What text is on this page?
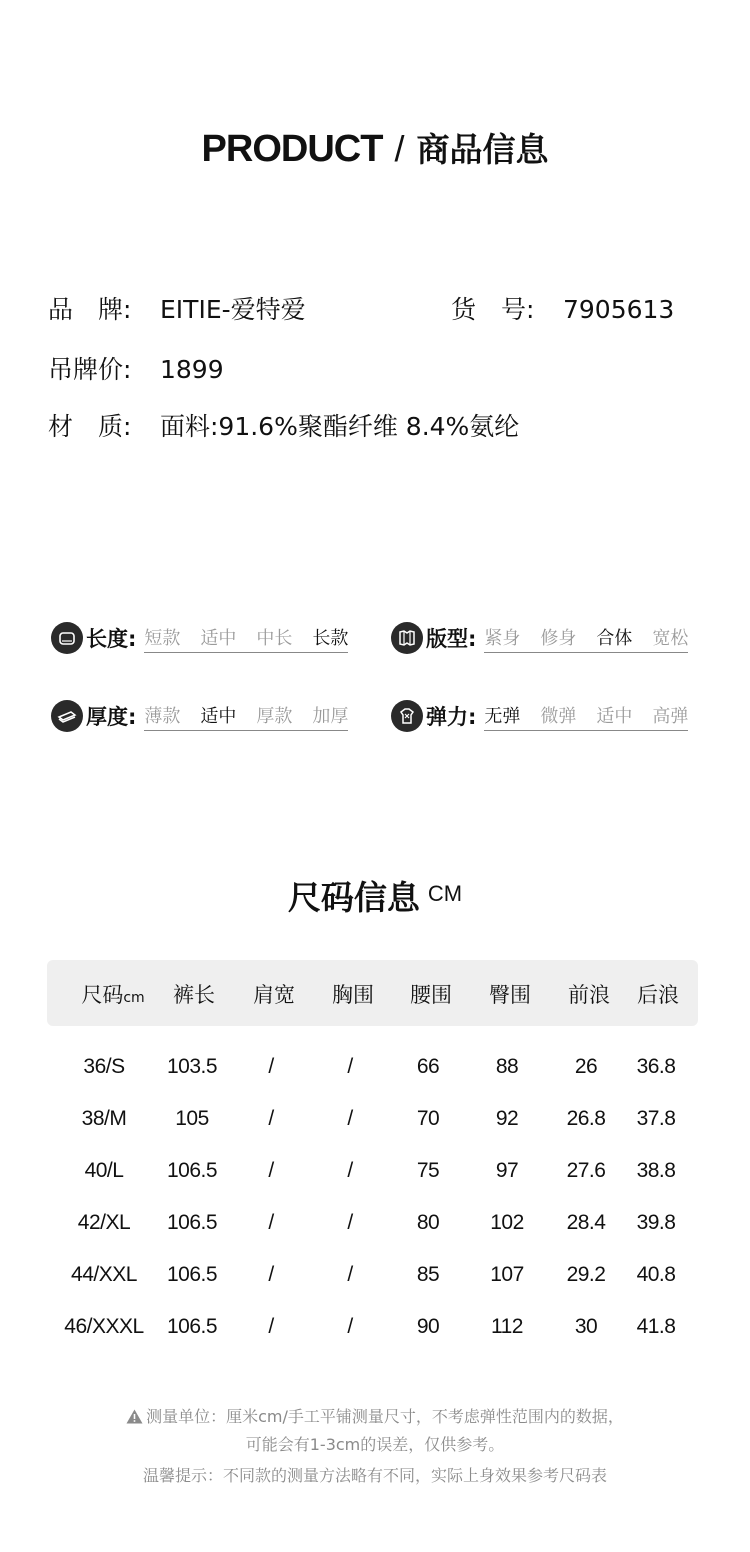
PRODUCT / 商品信息
品　牌: EITIE-爱特爱	货　号: 7905613
吊牌价: 1899
材　质: 面料:91.6%聚酯纤维 8.4%氨纶
长度: 短款 适中 中长 长款	版型: 紧身 修身 合体 宽松
厚度: 薄款 适中 厚款 加厚	弹力: 无弹 微弹 适中 高弹
尺码信息 CM
尺码cm 裤长 肩宽 胸围 腰围 臀围 前浪 后浪
36/S 103.5 /	/	66	88	26 36.8
38/M 105	/	/	70	92 26.8 37.8
40/L 106.5 /	/	75	97 27.6 38.8
42/XL 106.5 /	/	80 102 28.4 39.8
44/XXL 106.5 /	/	85 107 29.2 40.8
46/XXXL 106.5 /	/	90 112 30 41.8
测量单位：厘米cm/手工平铺测量尺寸，不考虑弹性范围内的数据，
可能会有1-3cm的误差，仅供参考。
温馨提示：不同款的测量方法略有不同，实际上身效果参考尺码表
